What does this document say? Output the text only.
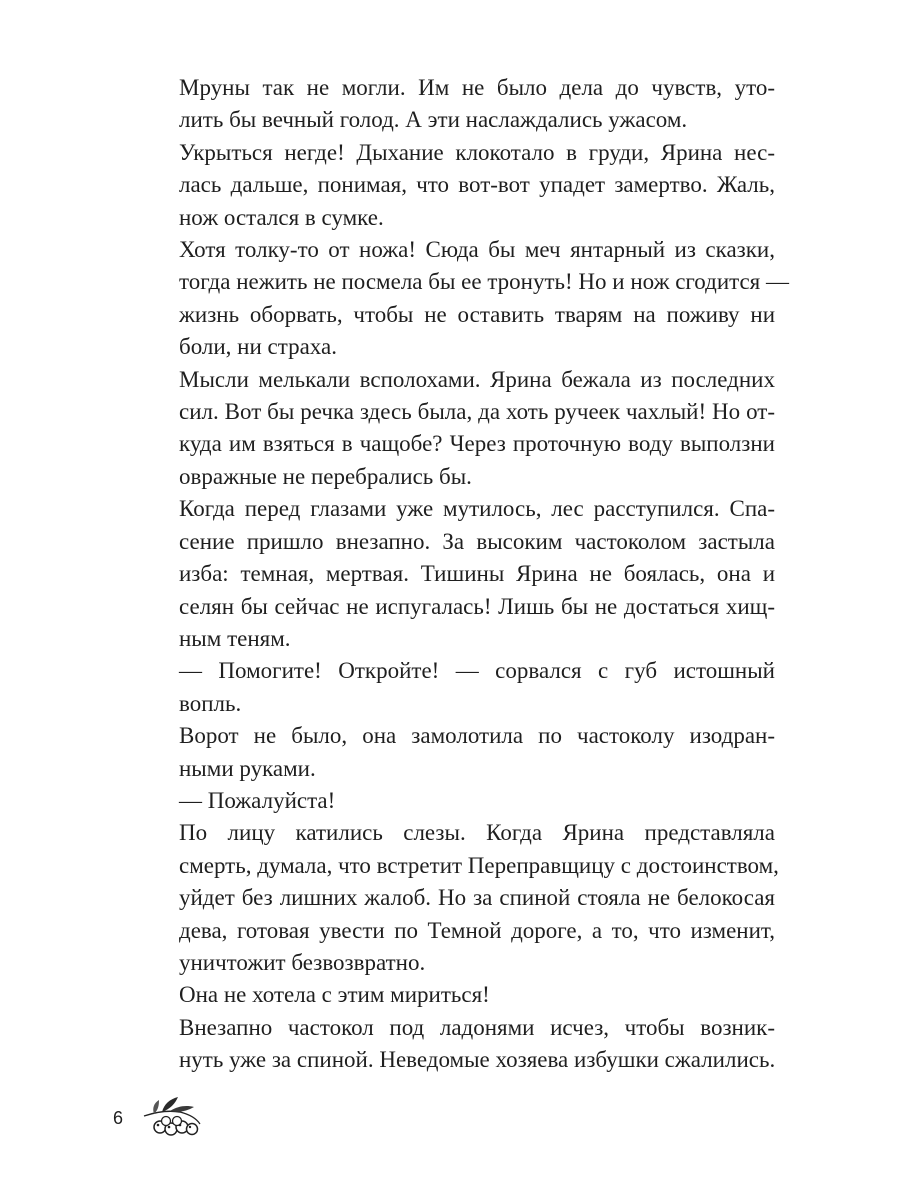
Мруны так не могли. Им не было дела до чувств, уто-
лить бы вечный голод. А эти наслаждались ужасом.

Укрыться негде! Дыхание клокотало в груди, Ярина нес-
лась дальше, понимая, что вот-вот упадет замертво. Жаль,
нож остался в сумке.

Хотя толку-то от ножа! Сюда бы меч янтарный из сказки,
тогда нежить не посмела бы ее тронуть! Но и нож сгодится —
жизнь оборвать, чтобы не оставить тварям на поживу ни
боли, ни страха.

Мысли мелькали всполохами. Ярина бежала из последних
сил. Вот бы речка здесь была, да хоть ручеек чахлый! Но от-
куда им взяться в чащобе? Через проточную воду выползни
овражные не перебрались бы.

Когда перед глазами уже мутилось, лес расступился. Спа-
сение пришло внезапно. За высоким частоколом застыла
изба: темная, мертвая. Тишины Ярина не боялась, она и
селян бы сейчас не испугалась! Лишь бы не достаться хищ-
ным теням.

— Помогите! Откройте! — сорвался с губ истошный
вопль.

Ворот не было, она замолотила по частоколу изодран-
ными руками.

— Пожалуйста!

По лицу катились слезы. Когда Ярина представляла
смерть, думала, что встретит Переправщицу с достоинством,
уйдет без лишних жалоб. Но за спиной стояла не белокосая
дева, готовая увести по Темной дороге, а то, что изменит,
уничтожит безвозвратно.

Она не хотела с этим мириться!

Внезапно частокол под ладонями исчез, чтобы возник-
нуть уже за спиной. Неведомые хозяева избушки сжалились.

6
